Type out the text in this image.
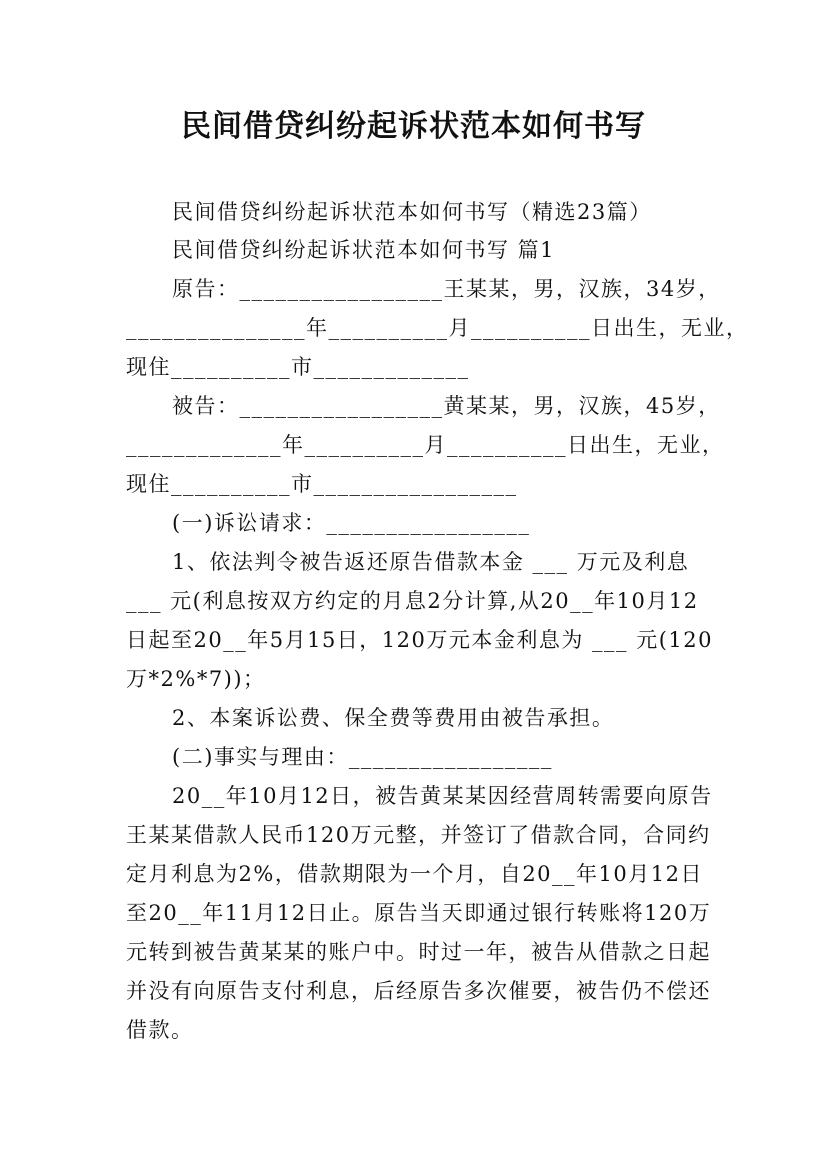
民间借贷纠纷起诉状范本如何书写
民间借贷纠纷起诉状范本如何书写（精选23篇）
民间借贷纠纷起诉状范本如何书写 篇1
原告：_________________王某某，男，汉族，34岁，
_______________年__________月__________日出生，无业，
现住__________市_____________
被告：_________________黄某某，男，汉族，45岁，
_____________年__________月__________日出生，无业，
现住__________市_________________
(一)诉讼请求：_________________
1、依法判令被告返还原告借款本金 ___ 万元及利息
___ 元(利息按双方约定的月息2分计算,从20__年10月12
日起至20__年5月15日，120万元本金利息为 ___ 元(120
万*2%*7))；
2、本案诉讼费、保全费等费用由被告承担。
(二)事实与理由：_________________
20__年10月12日，被告黄某某因经营周转需要向原告
王某某借款人民币120万元整，并签订了借款合同，合同约
定月利息为2%，借款期限为一个月，自20__年10月12日
至20__年11月12日止。原告当天即通过银行转账将120万
元转到被告黄某某的账户中。时过一年，被告从借款之日起
并没有向原告支付利息，后经原告多次催要，被告仍不偿还
借款。
